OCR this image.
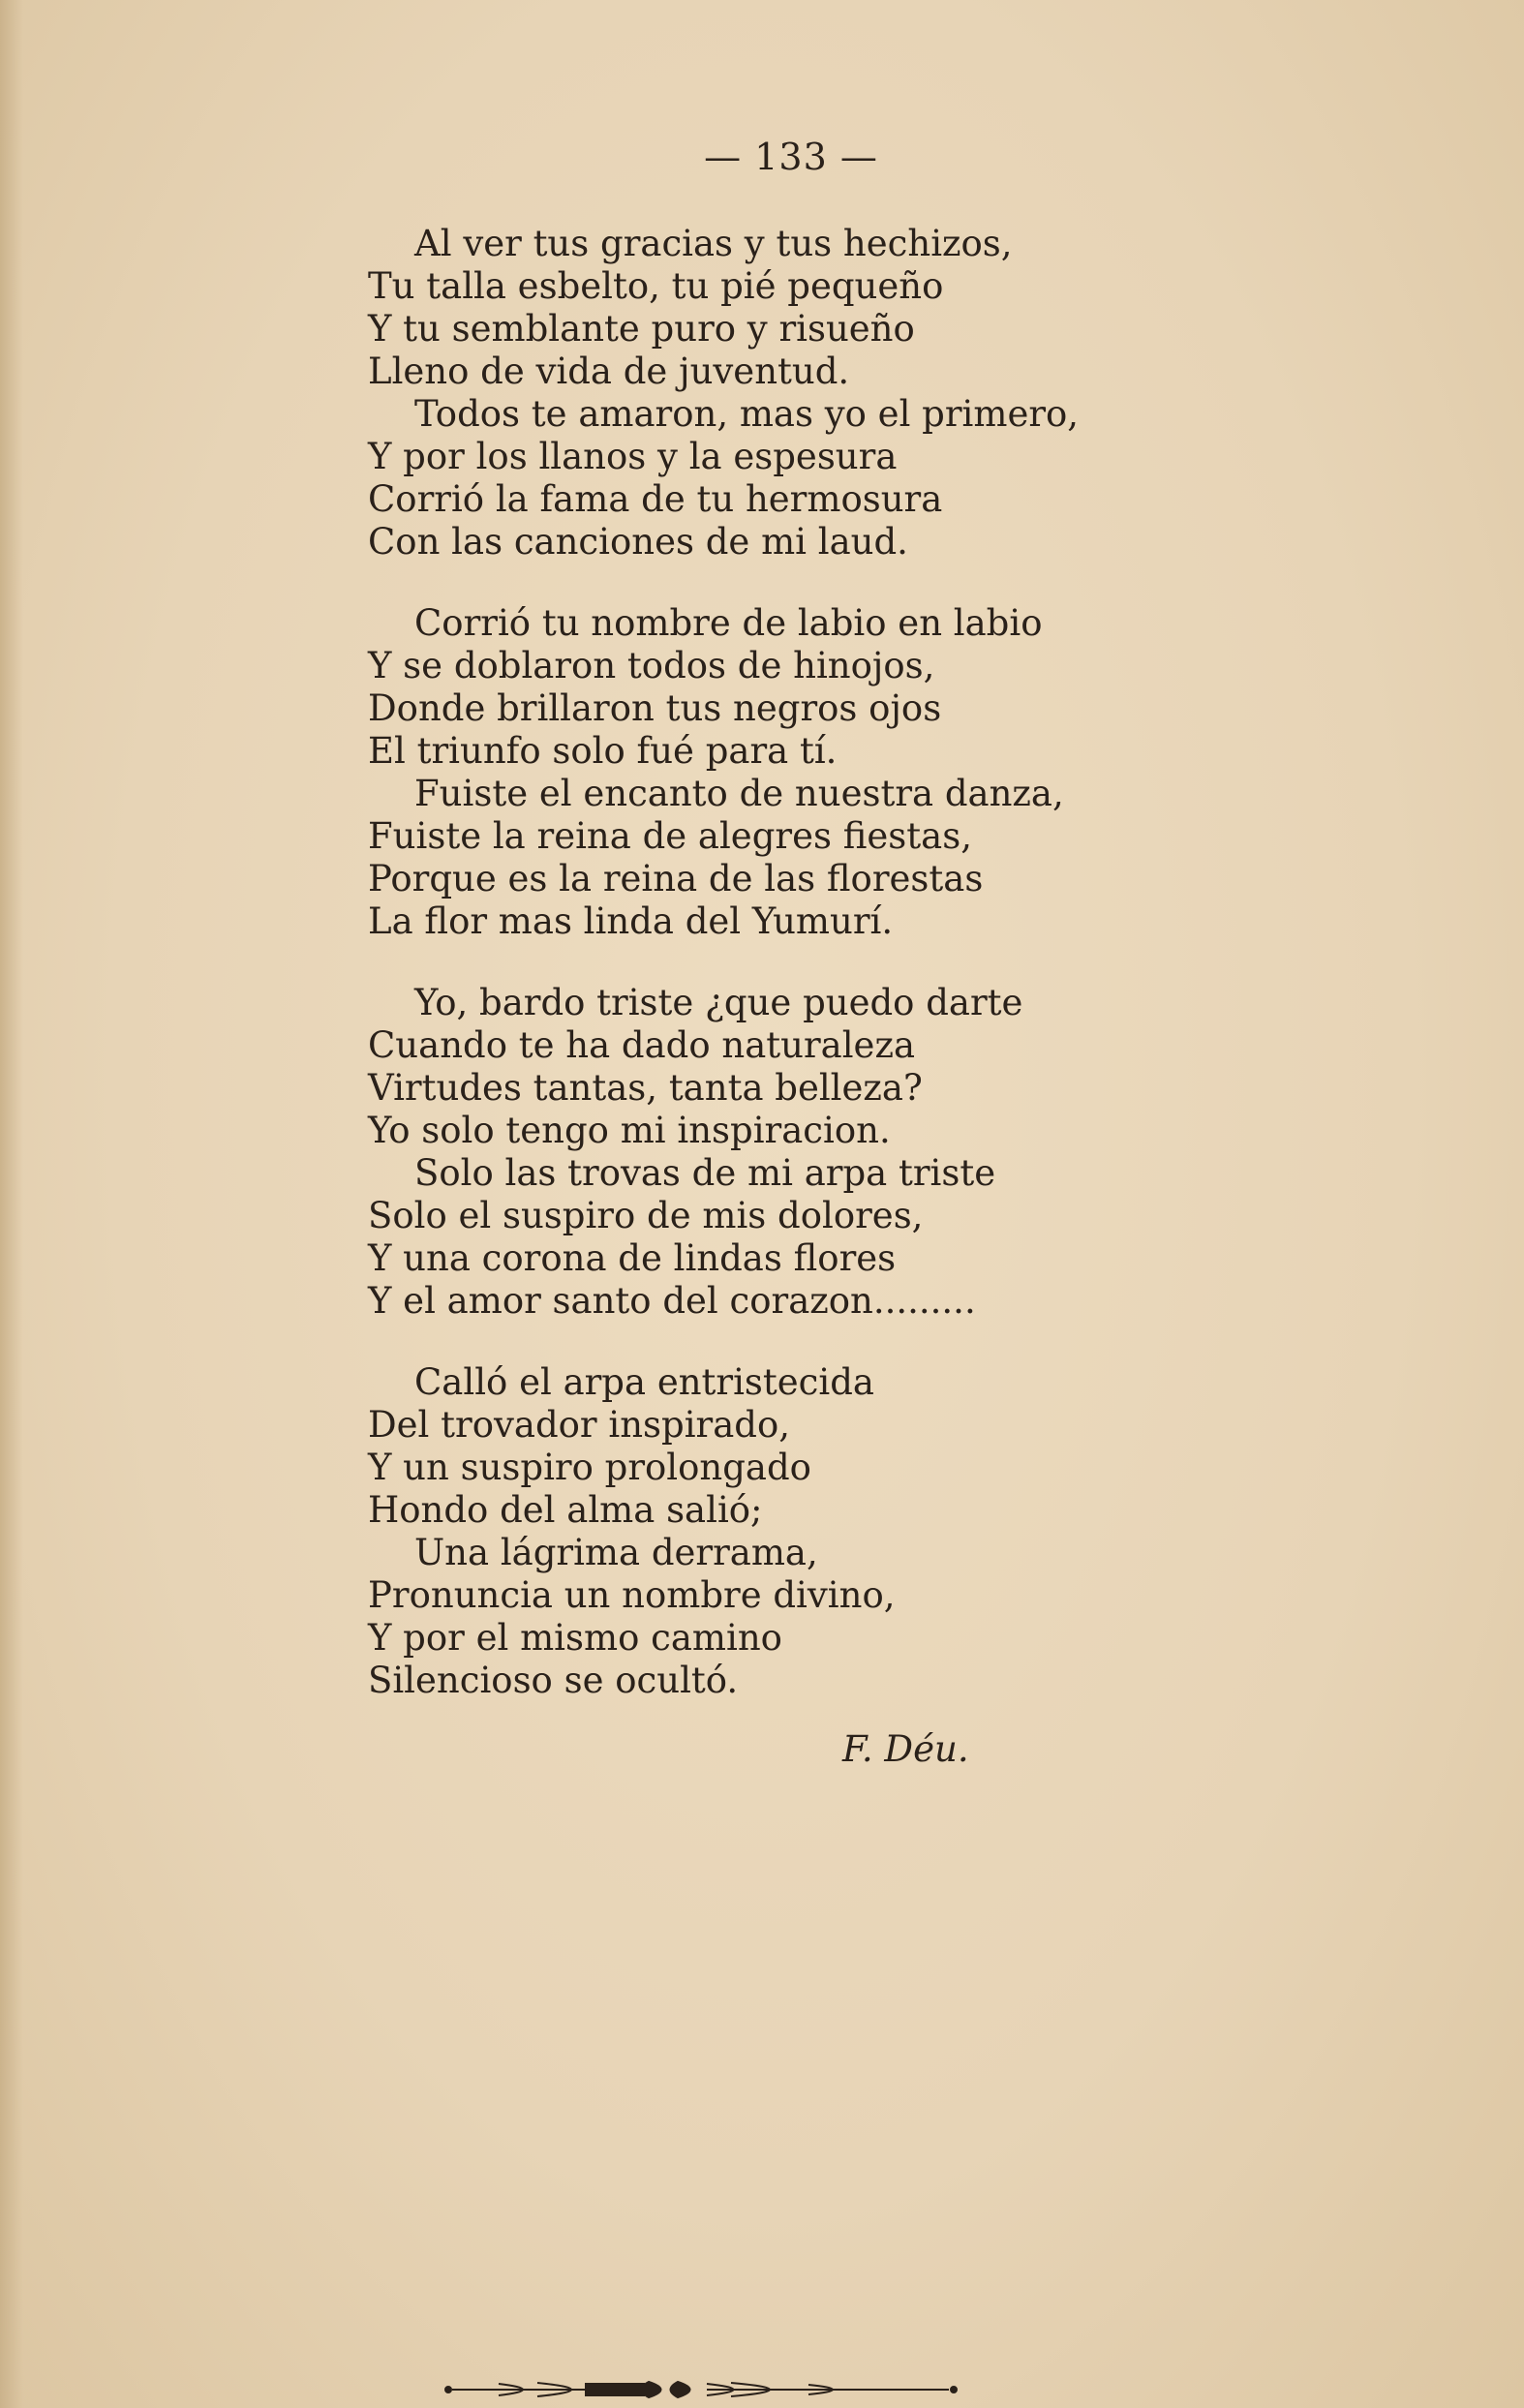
— 133 —
Al ver tus gracias y tus hechizos,
Tu talla esbelto, tu pié pequeño
Y tu semblante puro y risueño
Lleno de vida de juventud.
Todos te amaron, mas yo el primero,
Y por los llanos y la espesura
Corrió la fama de tu hermosura
Con las canciones de mi laud.
Corrió tu nombre de labio en labio
Y se doblaron todos de hinojos,
Donde brillaron tus negros ojos
El triunfo solo fué para tí.
Fuiste el encanto de nuestra danza,
Fuiste la reina de alegres fiestas,
Porque es la reina de las florestas
La flor mas linda del Yumurí.
Yo, bardo triste ¿que puedo darte
Cuando te ha dado naturaleza
Virtudes tantas, tanta belleza?
Yo solo tengo mi inspiracion.
Solo las trovas de mi arpa triste
Solo el suspiro de mis dolores,
Y una corona de lindas flores
Y el amor santo del corazon.........
Calló el arpa entristecida
Del trovador inspirado,
Y un suspiro prolongado
Hondo del alma salió;
Una lágrima derrama,
Pronuncia un nombre divino,
Y por el mismo camino
Silencioso se ocultó.
F. Déu.
